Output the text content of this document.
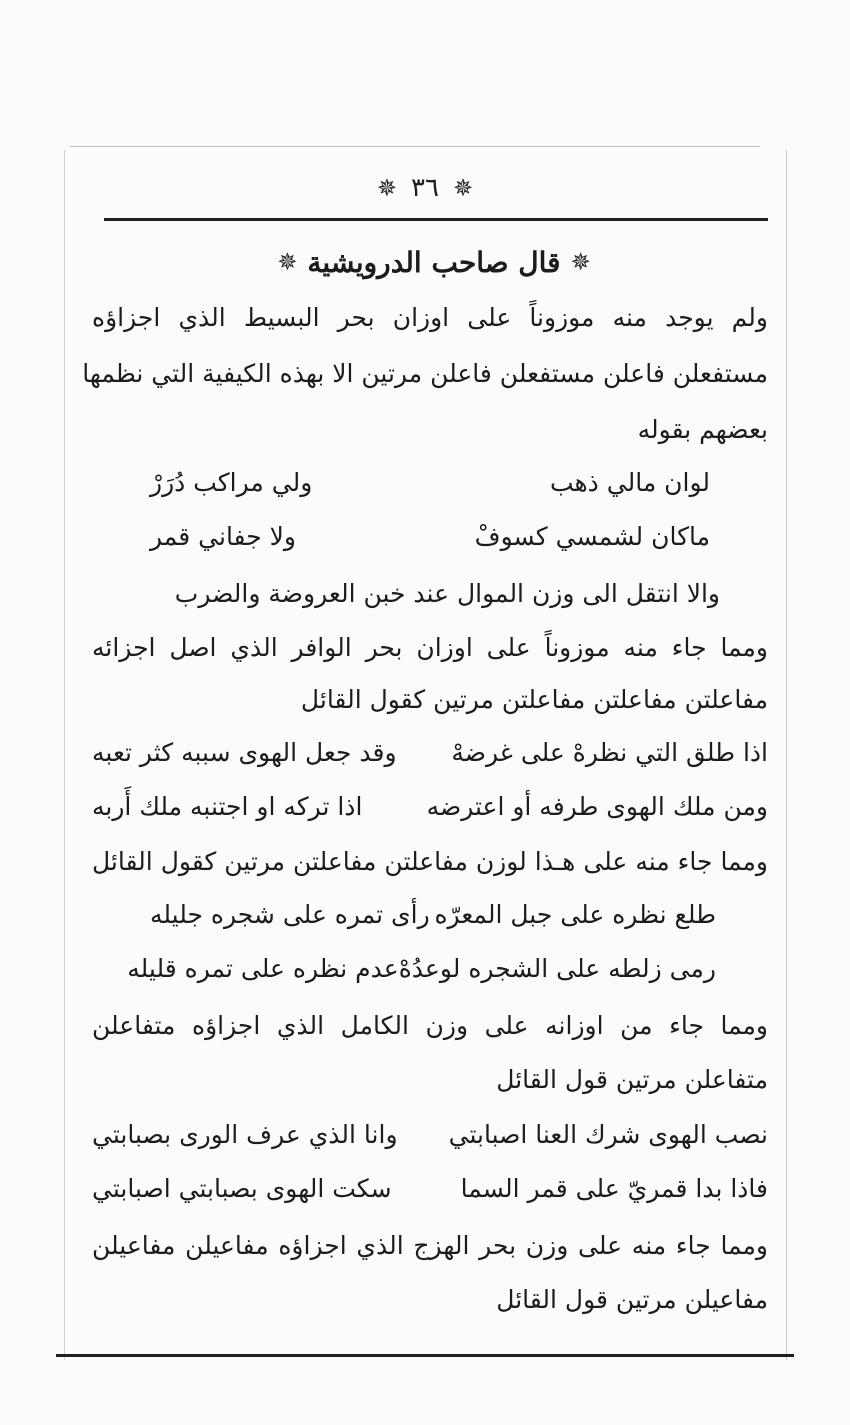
✵ ٣٦ ✵
✵
قال صاحب الدرويشية
✵
ولم يوجد منه موزوناً على اوزان بحر البسيط الذي اجزاؤه
مستفعلن فاعلن مستفعلن فاعلن مرتين الا بهذه الكيفية التي نظمها
بعضهم بقوله
لوان مالي ذهب
ولي مراكب دُرَرْ
ماكان لشمسي كسوفْ
ولا جفاني قمر
والا انتقل الى وزن الموال عند خبن العروضة والضرب
ومما جاء منه موزوناً على اوزان بحر الوافر الذي اصل اجزائه
مفاعلتن مفاعلتن مفاعلتن مرتين كقول القائل
اذا طلق التي نظرهْ على غرضهْ
وقد جعل الهوى سببه كثر تعبه
ومن ملك الهوى طرفه أو اعترضه
اذا تركه او اجتنبه ملك أَربه
ومما جاء منه على هـذا لوزن مفاعلتن مفاعلتن مرتين كقول القائل
طلع نظره على جبل المعرّه
رأى تمره على شجره جليله
رمى زلطه على الشجره لوعدُهْ
عدم نظره على تمره قليله
ومما جاء من اوزانه على وزن الكامل الذي اجزاؤه متفاعلن
متفاعلن مرتين قول القائل
نصب الهوى شرك العنا اصبابتي
وانا الذي عرف الورى بصبابتي
فاذا بدا قمريّ على قمر السما
سكت الهوى بصبابتي اصبابتي
ومما جاء منه على وزن بحر الهزج الذي اجزاؤه مفاعيلن مفاعيلن
مفاعيلن مرتين قول القائل
